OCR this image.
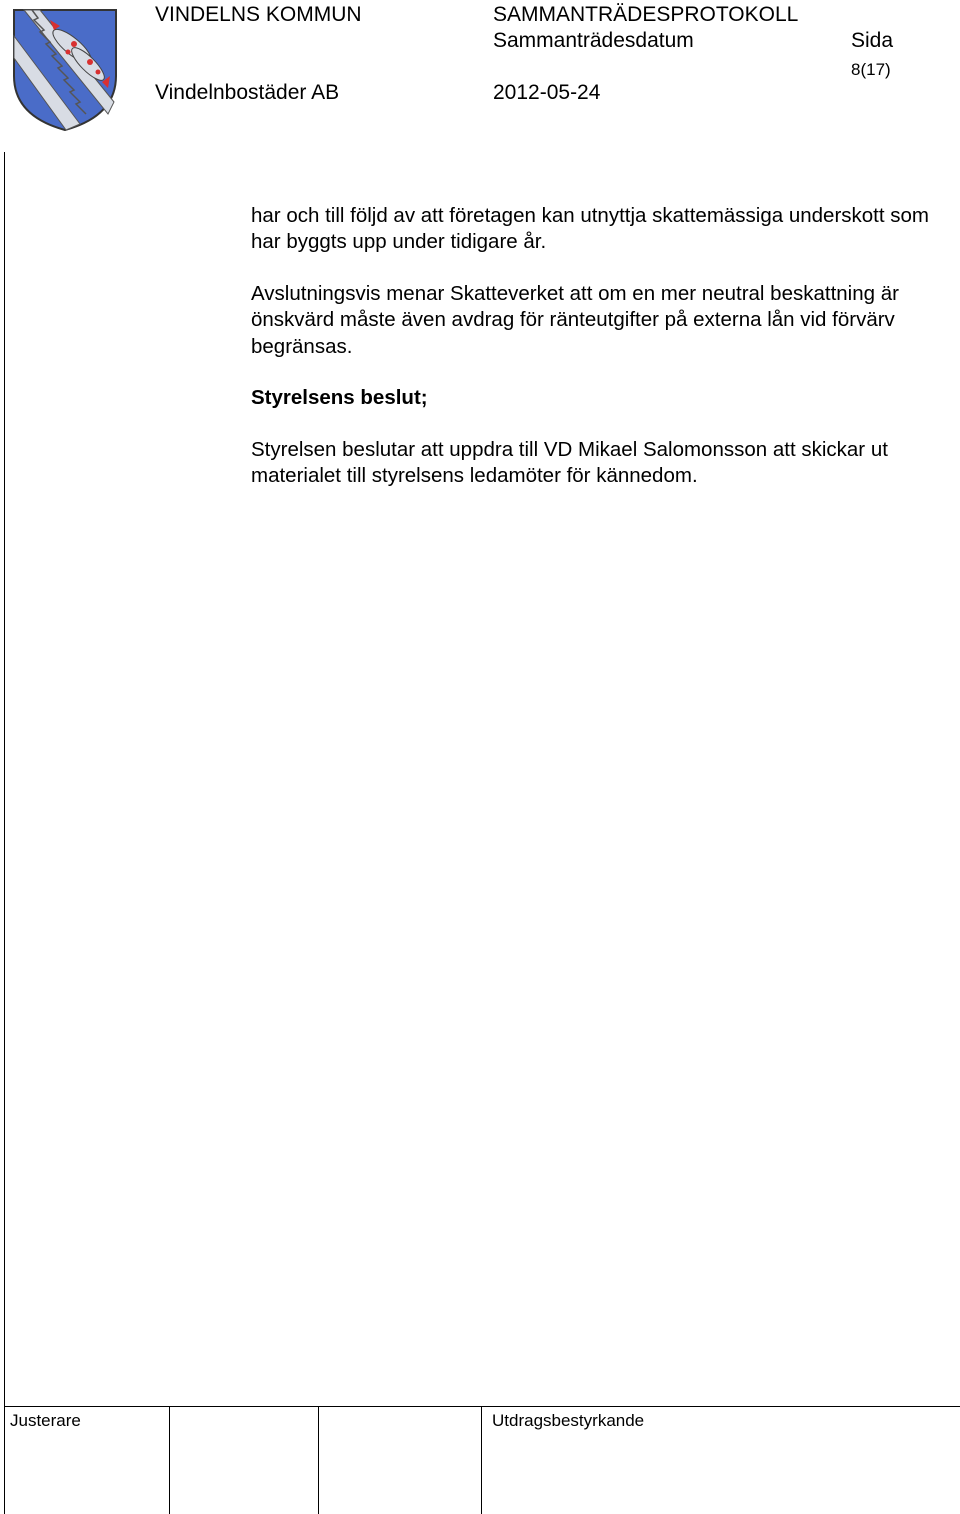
VINDELNS KOMMUN	SAMMANTRÄDESPROTOKOLL
Sammanträdesdatum	Sida
8(17)
Vindelnbostäder AB	2012-05-24

har och till följd av att företagen kan utnyttja skattemässiga underskott som har byggts upp under tidigare år.

Avslutningsvis menar Skatteverket att om en mer neutral beskattning är önskvärd måste även avdrag för ränteutgifter på externa lån vid förvärv begränsas.

Styrelsens beslut;

Styrelsen beslutar att uppdra till VD Mikael Salomonsson att skickar ut materialet till styrelsens ledamöter för kännedom.

Justerare	Utdragsbestyrkande
